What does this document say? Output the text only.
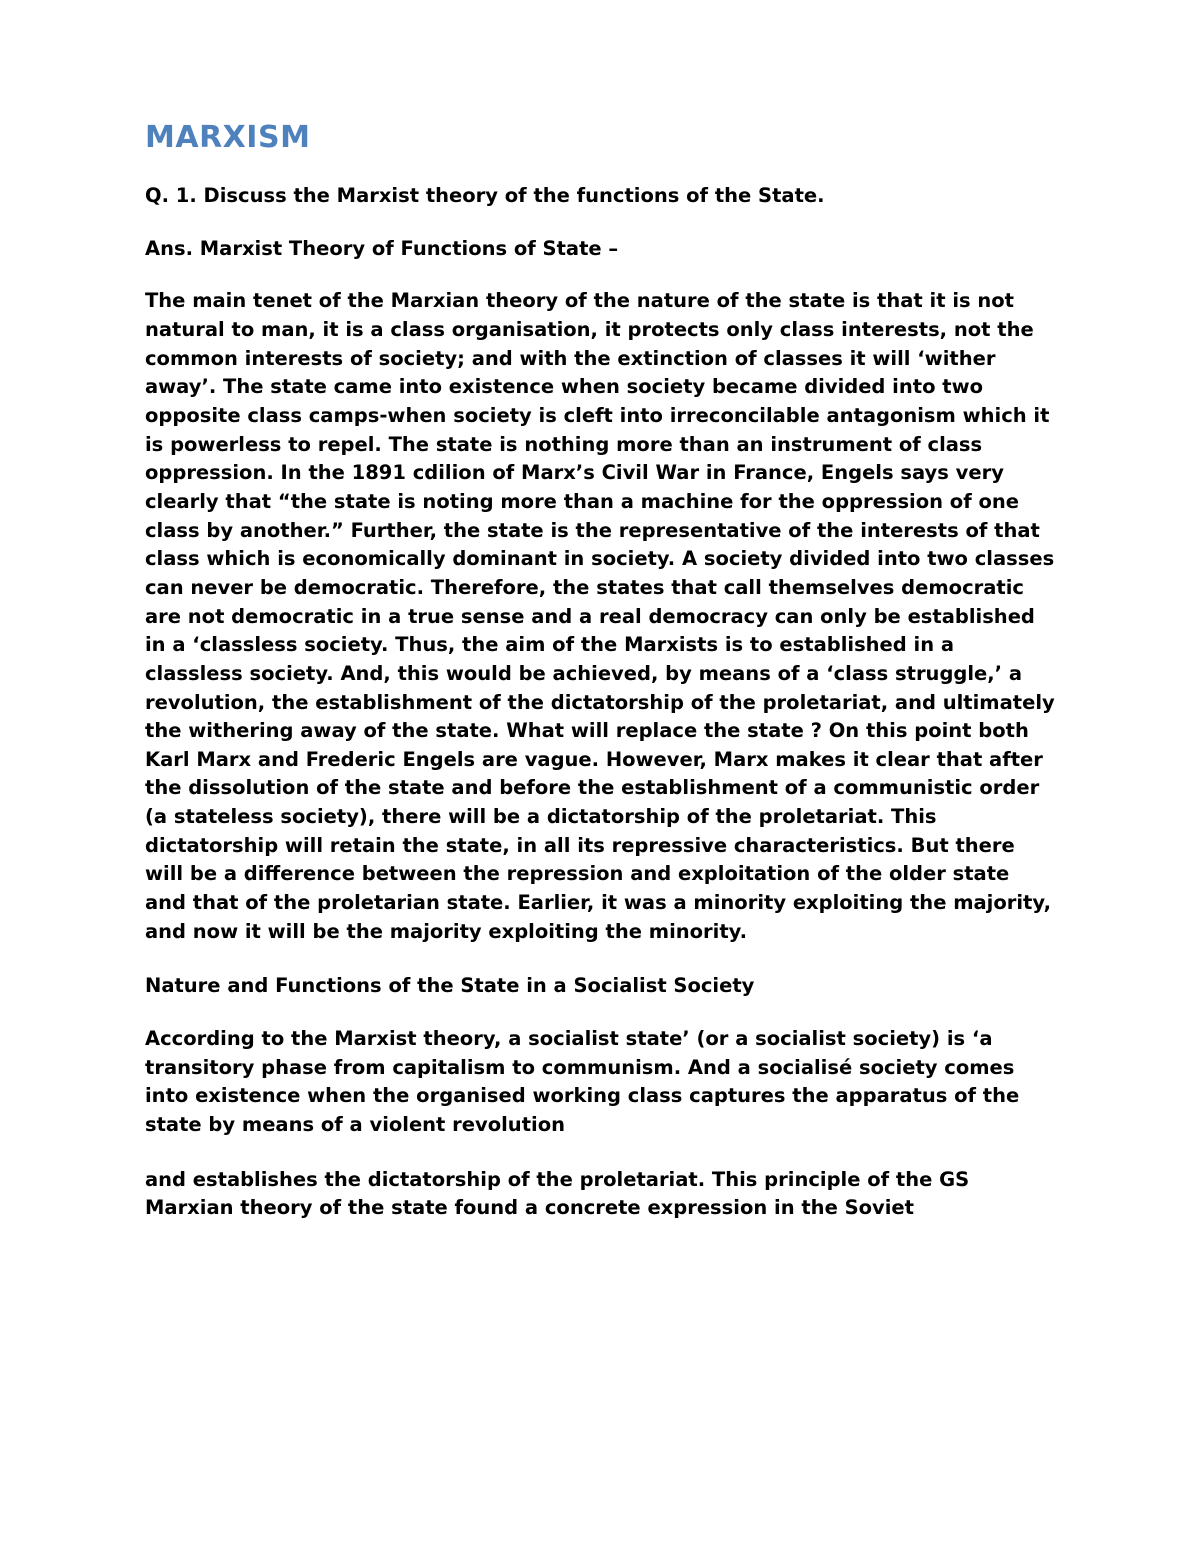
MARXISM

Q. 1. Discuss the Marxist theory of the functions of the State.

Ans. Marxist Theory of Functions of State –

The main tenet of the Marxian theory of the nature of the state is that it is not natural to man, it is a class organisation, it protects only class interests, not the common interests of society; and with the extinction of classes it will ‘wither away’. The state came into existence when society became divided into two opposite class camps-when society is cleft into irreconcilable antagonism which it is powerless to repel. The state is nothing more than an instrument of class oppression. In the 1891 cdilion of Marx’s Civil War in France, Engels says very clearly that “the state is noting more than a machine for the oppression of one class by another.” Further, the state is the representative of the interests of that class which is economically dominant in society. A society divided into two classes can never be democratic. Therefore, the states that call themselves democratic are not democratic in a true sense and a real democracy can only be established in a ‘classless society. Thus, the aim of the Marxists is to established in a classless society. And, this would be achieved, by means of a ‘class struggle,’ a revolution, the establishment of the dictatorship of the proletariat, and ultimately the withering away of the state. What will replace the state ? On this point both Karl Marx and Frederic Engels are vague. However, Marx makes it clear that after the dissolution of the state and before the establishment of a communistic order (a stateless society), there will be a dictatorship of the proletariat. This dictatorship will retain the state, in all its repressive characteristics. But there will be a difference between the repression and exploitation of the older state and that of the proletarian state. Earlier, it was a minority exploiting the majority, and now it will be the majority exploiting the minority.

Nature and Functions of the State in a Socialist Society

According to the Marxist theory, a socialist state’ (or a socialist society) is ‘a transitory phase from capitalism to communism. And a socialisé society comes into existence when the organised working class captures the apparatus of the state by means of a violent revolution

and establishes the dictatorship of the proletariat. This principle of the GS Marxian theory of the state found a concrete expression in the Soviet
